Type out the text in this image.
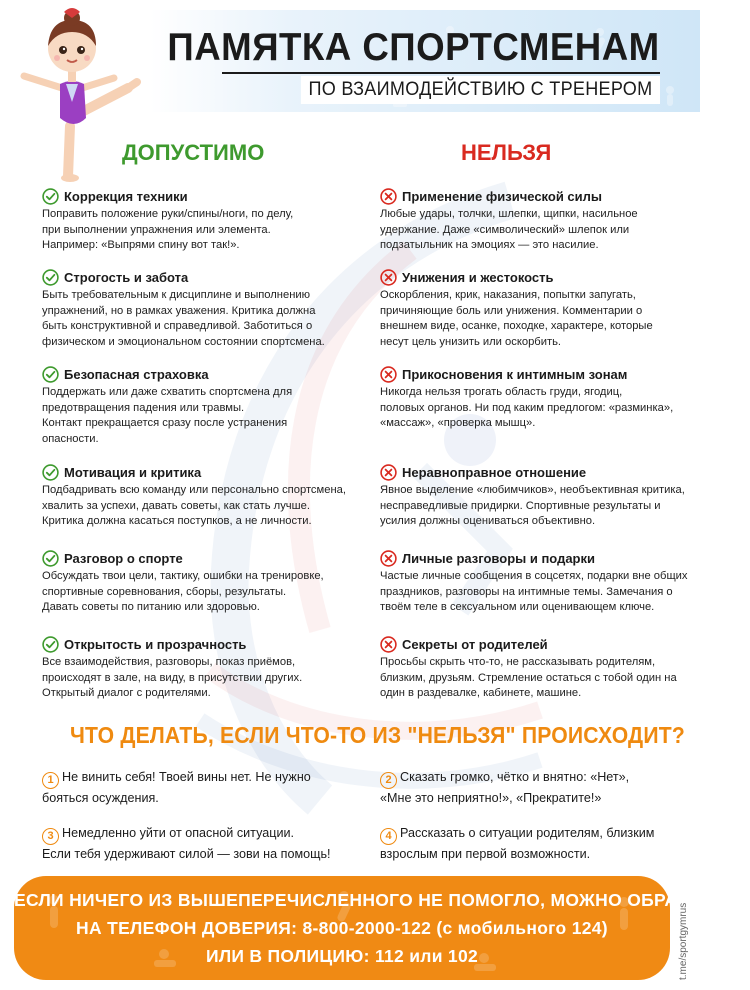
ПАМЯТКА СПОРТСМЕНАМ
ПО ВЗАИМОДЕЙСТВИЮ С ТРЕНЕРОМ
ДОПУСТИМО	НЕЛЬЗЯ
Коррекция техники
Поправить положение руки/спины/ноги, по делу,
при выполнении упражнения или элемента.
Например: «Выпрями спину вот так!».
Строгость и забота
Быть требовательным к дисциплине и выполнению
упражнений, но в рамках уважения. Критика должна
быть конструктивной и справедливой. Заботиться о
физическом и эмоциональном состоянии спортсмена.
Безопасная страховка
Поддержать или даже схватить спортсмена для
предотвращения падения или травмы.
Контакт прекращается сразу после устранения
опасности.
Мотивация и критика
Подбадривать всю команду или персонально спортсмена,
хвалить за успехи, давать советы, как стать лучше.
Критика должна касаться поступков, а не личности.
Разговор о спорте
Обсуждать твои цели, тактику, ошибки на тренировке,
спортивные соревнования, сборы, результаты.
Давать советы по питанию или здоровью.
Открытость и прозрачность
Все взаимодействия, разговоры, показ приёмов,
происходят в зале, на виду, в присутствии других.
Открытый диалог с родителями.
Применение физической силы
Любые удары, толчки, шлепки, щипки, насильное
удержание. Даже «символический» шлепок или
подзатыльник на эмоциях — это насилие.
Унижения и жестокость
Оскорбления, крик, наказания, попытки запугать,
причиняющие боль или унижения. Комментарии о
внешнем виде, осанке, походке, характере, которые
несут цель унизить или оскорбить.
Прикосновения к интимным зонам
Никогда нельзя трогать область груди, ягодиц,
половых органов. Ни под каким предлогом: «разминка»,
«массаж», «проверка мышц».
Неравноправное отношение
Явное выделение «любимчиков», необъективная критика,
несправедливые придирки. Спортивные результаты и
усилия должны оцениваться объективно.
Личные разговоры и подарки
Частые личные сообщения в соцсетях, подарки вне общих
праздников, разговоры на интимные темы. Замечания о
твоём теле в сексуальном или оценивающем ключе.
Секреты от родителей
Просьбы скрыть что-то, не рассказывать родителям,
близким, друзьям. Стремление остаться с тобой один на
один в раздевалке, кабинете, машине.
ЧТО ДЕЛАТЬ, ЕСЛИ ЧТО-ТО ИЗ "НЕЛЬЗЯ" ПРОИСХОДИТ?
1 Не винить себя! Твоей вины нет. Не нужно
бояться осуждения.
2 Сказать громко, чётко и внятно: «Нет»,
«Мне это неприятно!», «Прекратите!»
3 Немедленно уйти от опасной ситуации.
Если тебя удерживают силой — зови на помощь!
4 Рассказать о ситуации родителям, близким
взрослым при первой возможности.
ЕСЛИ НИЧЕГО ИЗ ВЫШЕПЕРЕЧИСЛЕННОГО НЕ ПОМОГЛО, МОЖНО ОБРАТИТЬСЯ
НА ТЕЛЕФОН ДОВЕРИЯ: 8-800-2000-122 (с мобильного 124)
ИЛИ В ПОЛИЦИЮ: 112 или 102	t.me/sportgymrus
